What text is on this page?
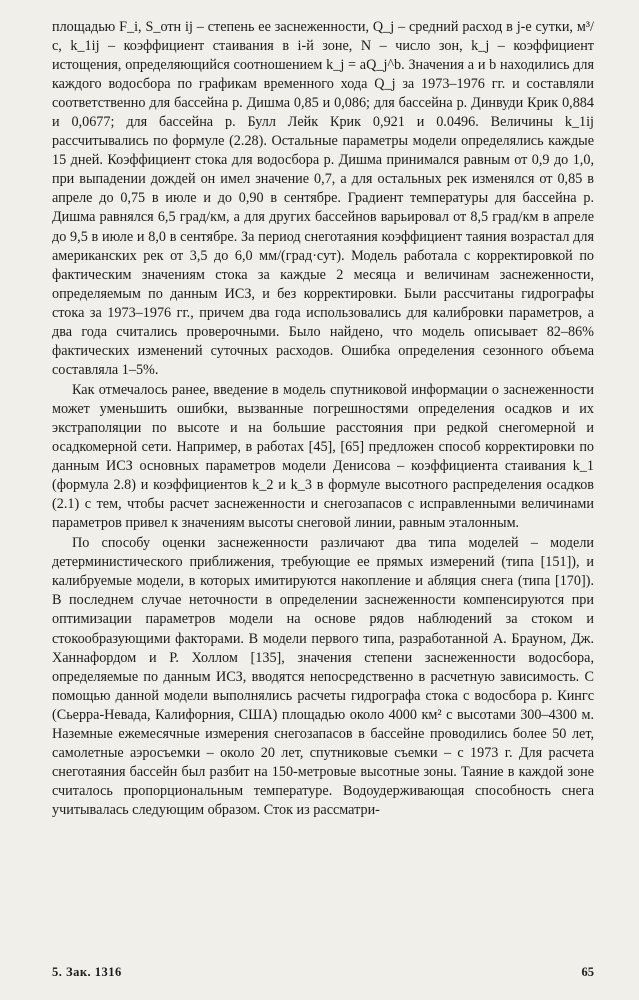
площадью F_i, S_отн ij – степень ее заснеженности, Q_j – средний расход в j-е сутки, м³/с, k_1ij – коэффициент стаивания в i-й зоне, N – число зон, k_j – коэффициент истощения, определяющийся соотношением k_j = aQ_j^b. Значения a и b находились для каждого водосбора по графикам временного хода Q_j за 1973–1976 гг. и составляли соответственно для бассейна р. Дишма 0,85 и 0,086; для бассейна р. Динвуди Крик 0,884 и 0,0677; для бассейна р. Булл Лейк Крик 0,921 и 0.0496. Величины k_1ij рассчитывались по формуле (2.28). Остальные параметры модели определялись каждые 15 дней. Коэффициент стока для водосбора р. Дишма принимался равным от 0,9 до 1,0, при выпадении дождей он имел значение 0,7, а для остальных рек изменялся от 0,85 в апреле до 0,75 в июле и до 0,90 в сентябре. Градиент температуры для бассейна р. Дишма равнялся 6,5 град/км, а для других бассейнов варьировал от 8,5 град/км в апреле до 9,5 в июле и 8,0 в сентябре. За период снеготаяния коэффициент таяния возрастал для американских рек от 3,5 до 6,0 мм/(град·сут). Модель работала с корректировкой по фактическим значениям стока за каждые 2 месяца и величинам заснеженности, определяемым по данным ИСЗ, и без корректировки. Были рассчитаны гидрографы стока за 1973–1976 гг., причем два года использовались для калибровки параметров, а два года считались проверочными. Было найдено, что модель описывает 82–86% фактических изменений суточных расходов. Ошибка определения сезонного объема составляла 1–5%.

Как отмечалось ранее, введение в модель спутниковой информации о заснеженности может уменьшить ошибки, вызванные погрешностями определения осадков и их экстраполяции по высоте и на большие расстояния при редкой снегомерной и осадкомерной сети. Например, в работах [45], [65] предложен способ корректировки по данным ИСЗ основных параметров модели Денисова – коэффициента стаивания k_1 (формула 2.8) и коэффициентов k_2 и k_3 в формуле высотного распределения осадков (2.1) с тем, чтобы расчет заснеженности и снегозапасов с исправленными величинами параметров привел к значениям высоты снеговой линии, равным эталонным.

По способу оценки заснеженности различают два типа моделей – модели детерминистического приближения, требующие ее прямых измерений (типа [151]), и калибруемые модели, в которых имитируются накопление и абляция снега (типа [170]). В последнем случае неточности в определении заснеженности компенсируются при оптимизации параметров модели на основе рядов наблюдений за стоком и стокообразующими факторами. В модели первого типа, разработанной А. Брауном, Дж. Ханнафордом и Р. Холлом [135], значения степени заснеженности водосбора, определяемые по данным ИСЗ, вводятся непосредственно в расчетную зависимость. С помощью данной модели выполнялись расчеты гидрографа стока с водосбора р. Кингс (Сьерра-Невада, Калифорния, США) площадью около 4000 км² с высотами 300–4300 м. Наземные ежемесячные измерения снегозапасов в бассейне проводились более 50 лет, самолетные аэросъемки – около 20 лет, спутниковые съемки – с 1973 г. Для расчета снеготаяния бассейн был разбит на 150-метровые высотные зоны. Таяние в каждой зоне считалось пропорциональным температуре. Водоудерживающая способность снега учитывалась следующим образом. Сток из рассматри-

5. Зак. 1316	65
